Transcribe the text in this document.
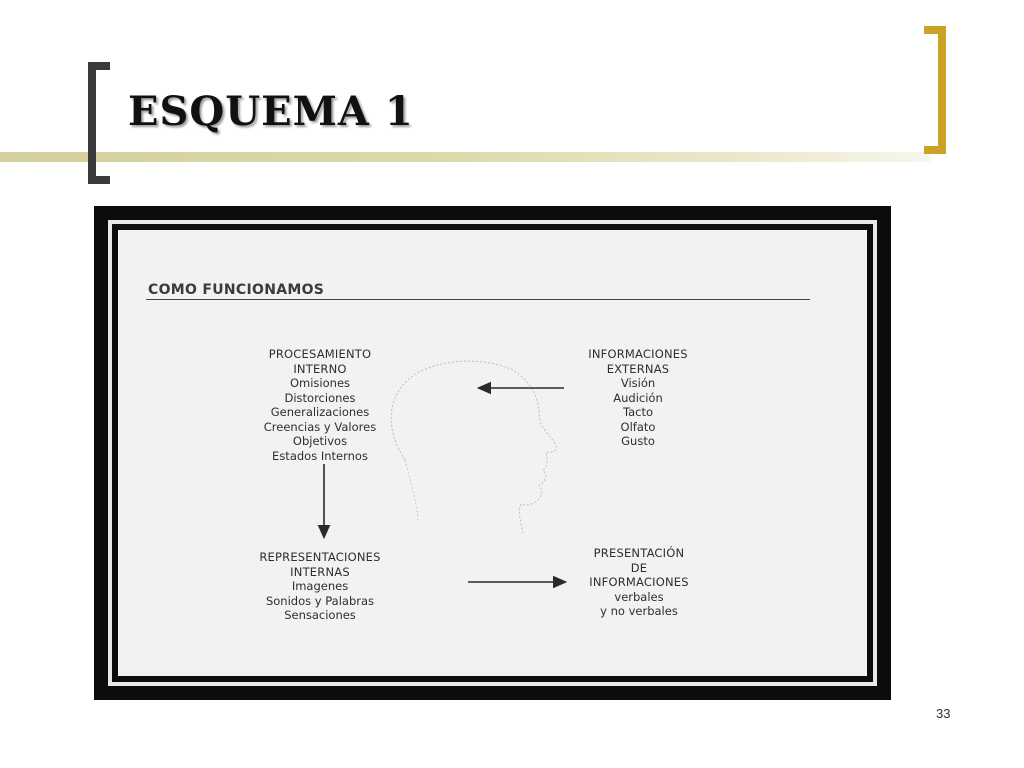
ESQUEMA 1
COMO FUNCIONAMOS
PROCESAMIENTO
INTERNO
Omisiones
Distorciones
Generalizaciones
Creencias y Valores
Objetivos
Estados Internos
INFORMACIONES
EXTERNAS
Visión
Audición
Tacto
Olfato
Gusto
REPRESENTACIONES
INTERNAS
Imagenes
Sonidos y Palabras
Sensaciones
PRESENTACIÓN
DE
INFORMACIONES
verbales
y no verbales
33
